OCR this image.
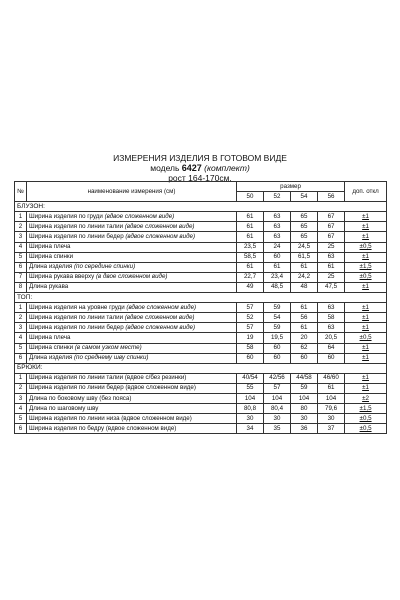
ИЗМЕРЕНИЯ ИЗДЕЛИЯ В ГОТОВОМ ВИДЕ
модель 6427 (комплект)
рост 164-170см.
№	наименование измерения (см)	размер				доп. откл
		50	52	54	56	
БЛУЗОН:						
1	Ширина изделия по груди (вдвое сложенном виде)	61	63	65	67	±1
2	Ширина изделия по линии талии (вдвое сложенном виде)	61	63	65	67	±1
3	Ширина изделия по линии бедер (вдвое сложенном виде)	61	63	65	67	±1
4	Ширина плеча	23,5	24	24,5	25	±0,5
5	Ширина спинки	58,5	60	61,5	63	±1
6	Длина изделия (по середине спинки)	61	61	61	61	±1,5
7	Ширина рукава вверху (в двое сложенном виде)	22,7	23,4	24,2	25	±0,5
8	Длина рукава	49	48,5	48	47,5	±1
ТОП:						
1	Ширина изделия на уровне груди (вдвое сложенном виде)	57	59	61	63	±1
2	Ширина изделия по линии талии (вдвое сложенном виде)	52	54	56	58	±1
3	Ширина изделия по линии бедер (вдвое сложенном виде)	57	59	61	63	±1
4	Ширина плеча	19	19,5	20	20,5	±0,5
5	Ширина спинки (в самом узком месте)	58	60	62	64	±1
6	Длина изделия (по среднему шву спинки)	60	60	60	60	±1
БРЮКИ:						
1	Ширина изделия по линии талии (вдвое с/без резинки)	40/54	42/56	44/58	46/60	±1
2	Ширина изделия по линии бедер (вдвое сложенном виде)	55	57	59	61	±1
3	Длина по боковому шву (без пояса)	104	104	104	104	±2
4	Длина по шаговому шву	80,8	80,4	80	79,6	±1,5
5	Ширина изделия по линии низа (вдвое сложенном виде)	30	30	30	30	±0,5
6	Ширина изделия по бедру (вдвое сложенном виде)	34	35	36	37	±0,5
